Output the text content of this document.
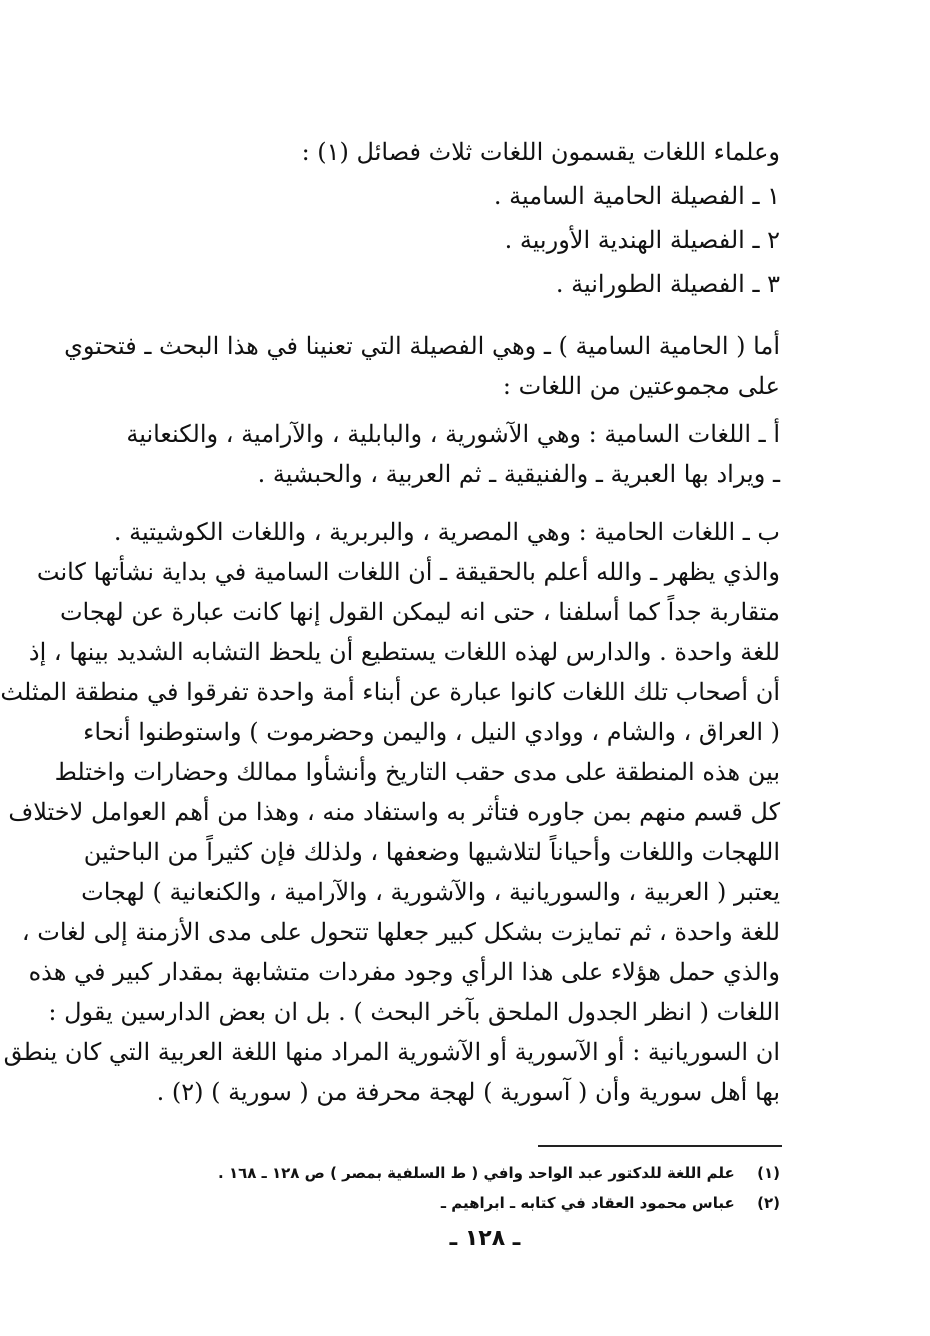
وعلماء اللغات يقسمون اللغات ثلاث فصائل (١) :
١ ـ الفصيلة الحامية السامية .
٢ ـ الفصيلة الهندية الأوربية .
٣ ـ الفصيلة الطورانية .
أما ( الحامية السامية ) ـ وهي الفصيلة التي تعنينا في هذا البحث ـ فتحتوي
على مجموعتين من اللغات :
أ ـ اللغات السامية : وهي الآشورية ، والبابلية ، والآرامية ، والكنعانية
ـ ويراد بها العبرية ـ والفنيقية ـ ثم العربية ، والحبشية .
ب ـ اللغات الحامية : وهي المصرية ، والبربرية ، واللغات الكوشيتية .
والذي يظهر ـ والله أعلم بالحقيقة ـ أن اللغات السامية في بداية نشأتها كانت
متقاربة جداً كما أسلفنا ، حتى انه ليمكن القول إنها كانت عبارة عن لهجات
للغة واحدة . والدارس لهذه اللغات يستطيع أن يلحظ التشابه الشديد بينها ، إذ
أن أصحاب تلك اللغات كانوا عبارة عن أبناء أمة واحدة تفرقوا في منطقة المثلث
( العراق ، والشام ، ووادي النيل ، واليمن وحضرموت ) واستوطنوا أنحاء
بين هذه المنطقة على مدى حقب التاريخ وأنشأوا ممالك وحضارات واختلط
كل قسم منهم بمن جاوره فتأثر به واستفاد منه ، وهذا من أهم العوامل لاختلاف
اللهجات واللغات وأحياناً لتلاشيها وضعفها ، ولذلك فإن كثيراً من الباحثين
يعتبر ( العربية ، والسوريانية ، والآشورية ، والآرامية ، والكنعانية ) لهجات
للغة واحدة ، ثم تمايزت بشكل كبير جعلها تتحول على مدى الأزمنة إلى لغات ،
والذي حمل هؤلاء على هذا الرأي وجود مفردات متشابهة بمقدار كبير في هذه
اللغات ( انظر الجدول الملحق بآخر البحث ) . بل ان بعض الدارسين يقول :
ان السوريانية : أو الآسورية أو الآشورية المراد منها اللغة العربية التي كان ينطق
بها أهل سورية وأن ( آسورية ) لهجة محرفة من ( سورية ) (٢) .
(١) علم اللغة للدكتور عبد الواحد وافي ( ط السلفية بمصر ) ص ١٢٨ ـ ١٦٨ .
(٢) عباس محمود العقاد في كتابه ـ ابراهيم ـ
ـ ١٢٨ ـ
